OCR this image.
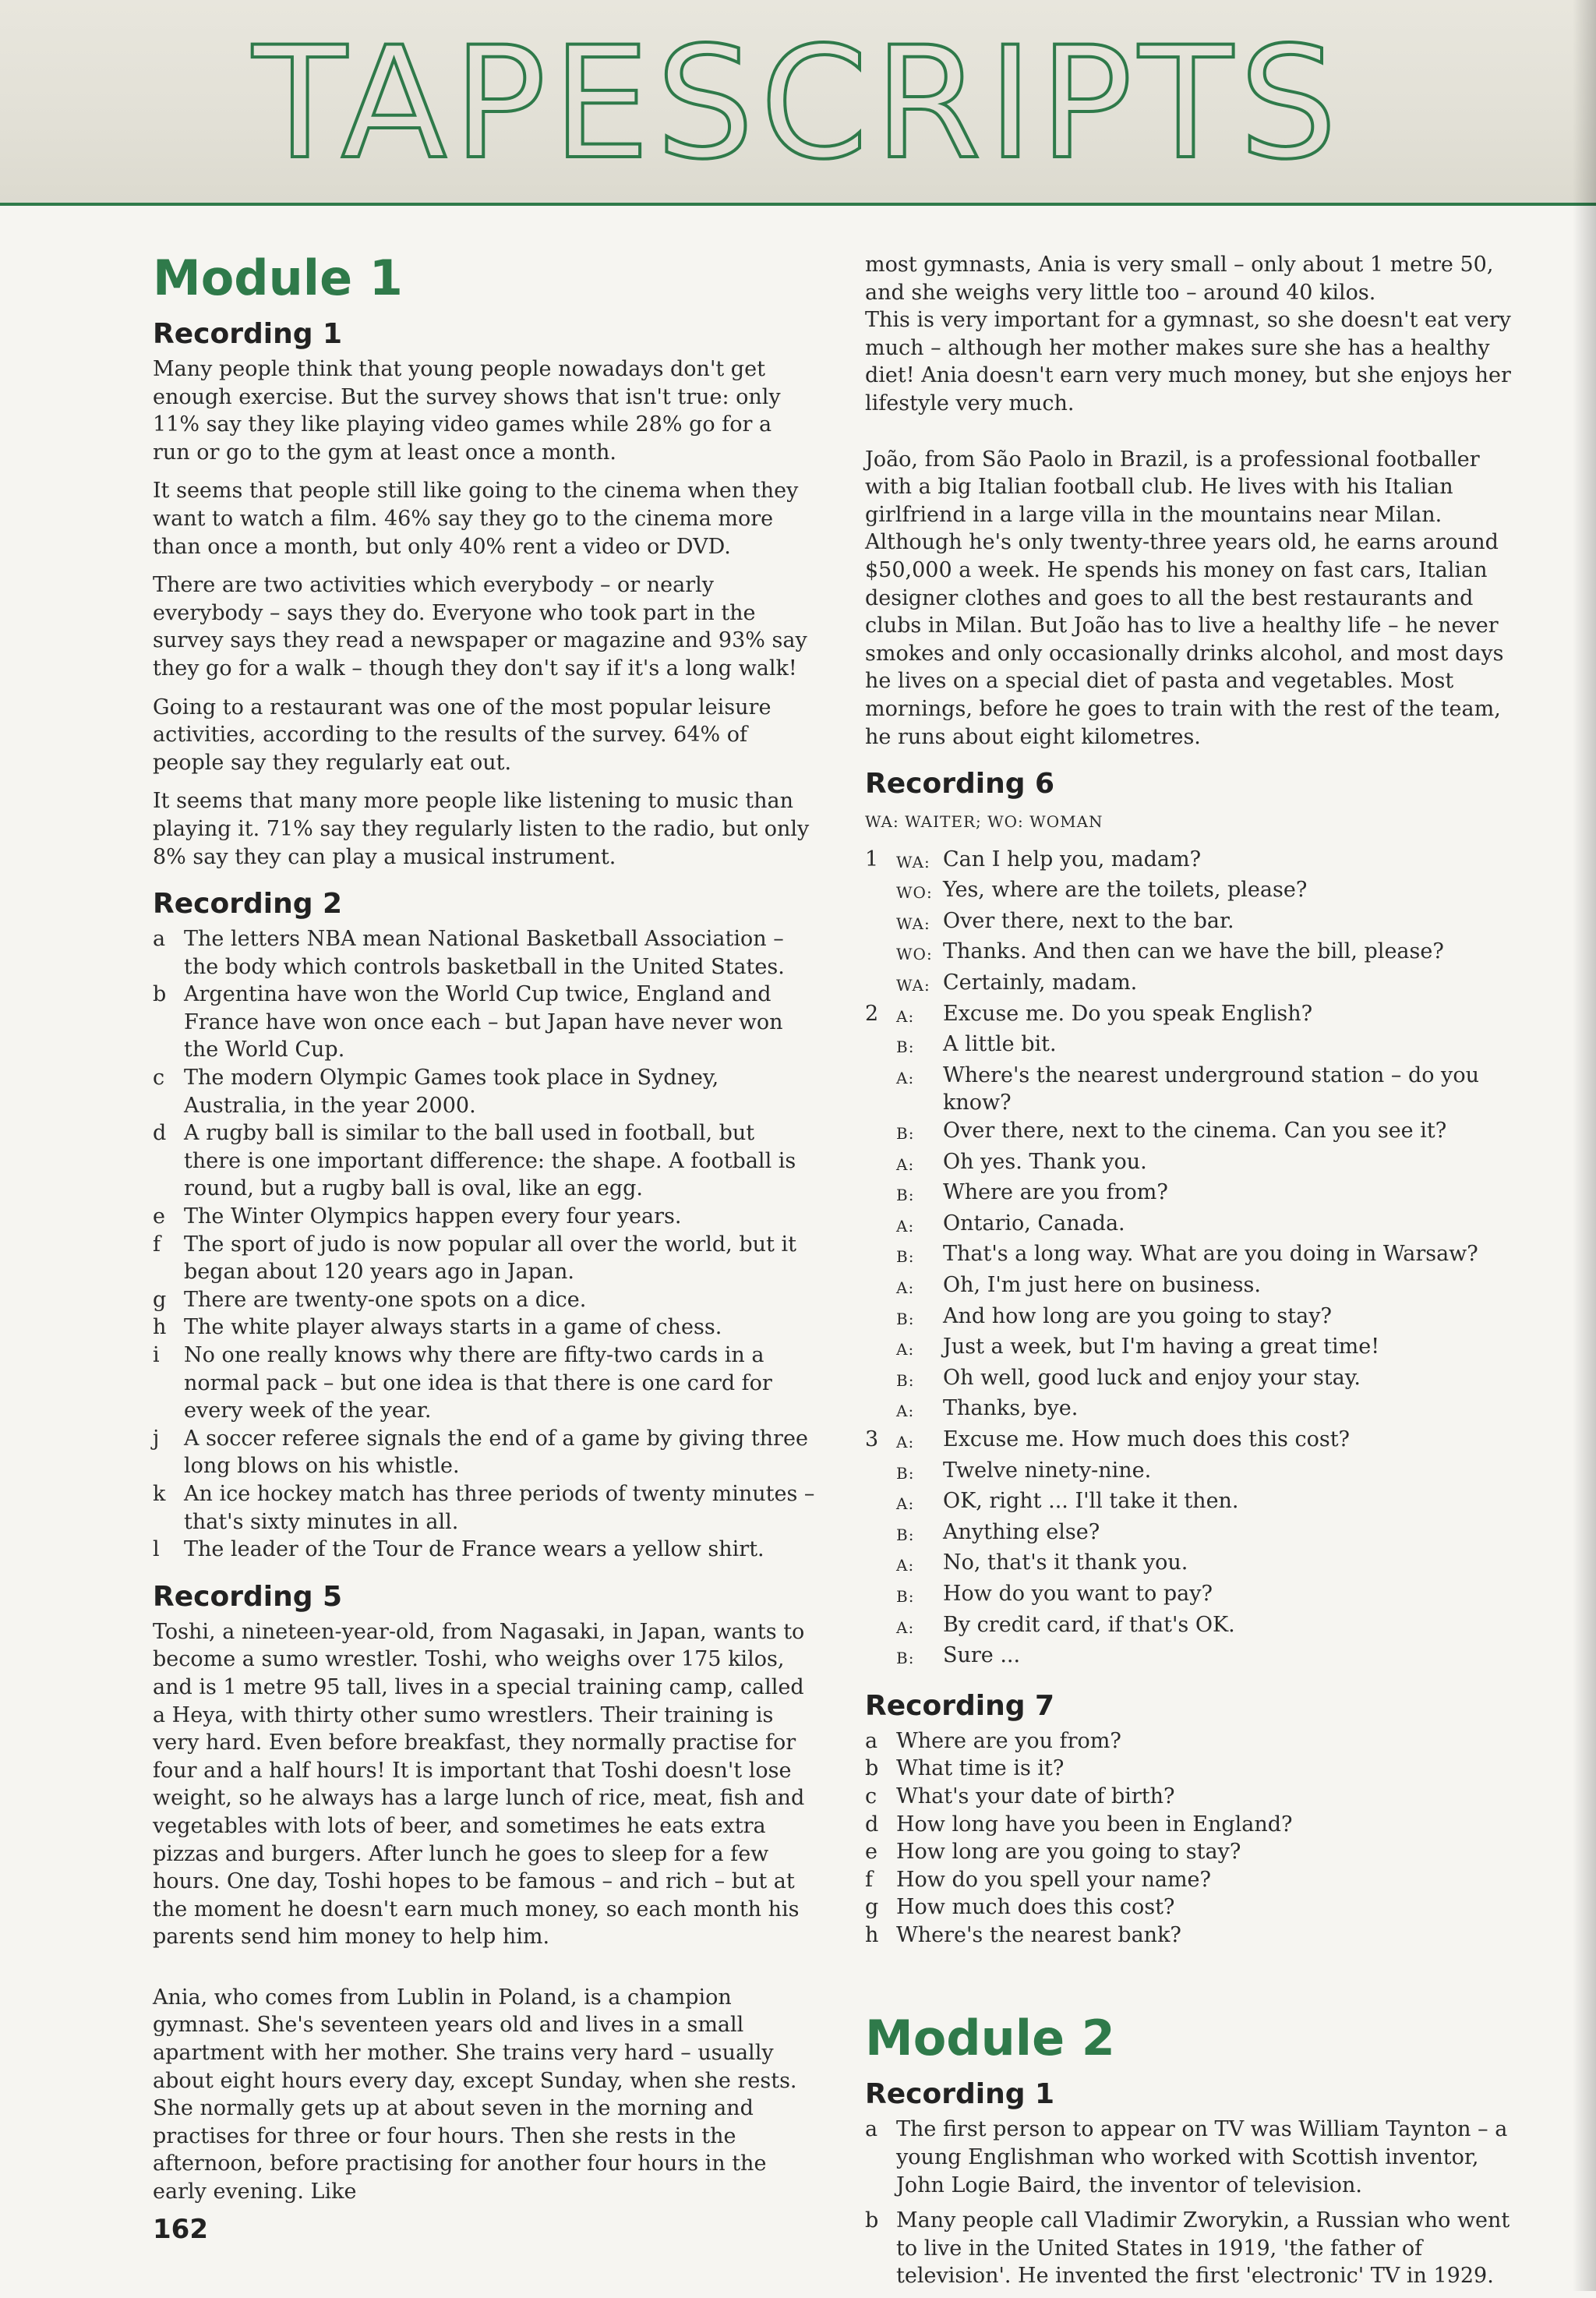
TAPESCRIPTS
Module 1
Recording 1

Many people think that young people nowadays don't get enough exercise. But the survey shows that isn't true: only 11% say they like playing video games while 28% go for a run or go to the gym at least once a month.

It seems that people still like going to the cinema when they want to watch a film. 46% say they go to the cinema more than once a month, but only 40% rent a video or DVD.

There are two activities which everybody – or nearly everybody – says they do. Everyone who took part in the survey says they read a newspaper or magazine and 93% say they go for a walk – though they don't say if it's a long walk!

Going to a restaurant was one of the most popular leisure activities, according to the results of the survey. 64% of people say they regularly eat out.

It seems that many more people like listening to music than playing it. 71% say they regularly listen to the radio, but only 8% say they can play a musical instrument.

Recording 2
a The letters NBA mean National Basketball Association – the body which controls basketball in the United States.
b Argentina have won the World Cup twice, England and France have won once each – but Japan have never won the World Cup.
c The modern Olympic Games took place in Sydney, Australia, in the year 2000.
d A rugby ball is similar to the ball used in football, but there is one important difference: the shape. A football is round, but a rugby ball is oval, like an egg.
e The Winter Olympics happen every four years.
f	The sport of judo is now popular all over the world, but it began about 120 years ago in Japan.
g There are twenty-one spots on a dice.
h The white player always starts in a game of chess.
i	No one really knows why there are fifty-two cards in a normal pack – but one idea is that there is one card for every week of the year.
j	A soccer referee signals the end of a game by giving three long blows on his whistle.
k An ice hockey match has three periods of twenty minutes – that's sixty minutes in all.
l	The leader of the Tour de France wears a yellow shirt.
Recording 5

Toshi, a nineteen-year-old, from Nagasaki, in Japan, wants to become a sumo wrestler. Toshi, who weighs over 175 kilos, and is 1 metre 95 tall, lives in a special training camp, called a Heya, with thirty other sumo wrestlers. Their training is very hard. Even before breakfast, they normally practise for four and a half hours! It is important that Toshi doesn't lose weight, so he always has a large lunch of rice, meat, fish and vegetables with lots of beer, and sometimes he eats extra pizzas and burgers. After lunch he goes to sleep for a few hours. One day, Toshi hopes to be famous – and rich – but at the moment he doesn't earn much money, so each month his parents send him money to help him.

Ania, who comes from Lublin in Poland, is a champion gymnast. She's seventeen years old and lives in a small apartment with her mother. She trains very hard – usually about eight hours every day, except Sunday, when she rests. She normally gets up at about seven in the morning and practises for three or four hours. Then she rests in the afternoon, before practising for another four hours in the early evening. Like

most gymnasts, Ania is very small – only about 1 metre 50, and she weighs very little too – around 40 kilos.

This is very important for a gymnast, so she doesn't eat very much – although her mother makes sure she has a healthy diet! Ania doesn't earn very much money, but she enjoys her lifestyle very much.

João, from São Paolo in Brazil, is a professional footballer with a big Italian football club. He lives with his Italian girlfriend in a large villa in the mountains near Milan. Although he's only twenty-three years old, he earns around $50,000 a week. He spends his money on fast cars, Italian designer clothes and goes to all the best restaurants and clubs in Milan. But João has to live a healthy life – he never smokes and only occasionally drinks alcohol, and most days he lives on a special diet of pasta and vegetables. Most mornings, before he goes to train with the rest of the team, he runs about eight kilometres.

Recording 6
WA: WAITER; WO: WOMAN
1	WA: Can I help you, madam?
WO: Yes, where are the toilets, please?
WA: Over there, next to the bar.
WO: Thanks. And then can we have the bill, please?
WA: Certainly, madam.
2	A:	Excuse me. Do you speak English?
B:	A little bit.
A:	Where's the nearest underground station – do you know?
B:	Over there, next to the cinema. Can you see it?
A:	Oh yes. Thank you.
B:	Where are you from?
A:	Ontario, Canada.
B:	That's a long way. What are you doing in Warsaw?
A:	Oh, I'm just here on business.
B:	And how long are you going to stay?
A:	Just a week, but I'm having a great time!
B:	Oh well, good luck and enjoy your stay.
A:	Thanks, bye.
3	A:	Excuse me. How much does this cost?
B:	Twelve ninety-nine.
A:	OK, right ... I'll take it then.
B:	Anything else?
A:	No, that's it thank you.
B:	How do you want to pay?
A:	By credit card, if that's OK.
B:	Sure ...
Recording 7
a Where are you from?
b What time is it?
c What's your date of birth?
d How long have you been in England?
e How long are you going to stay?
f	How do you spell your name?
g How much does this cost?
h Where's the nearest bank?
Module 2
Recording 1
a The first person to appear on TV was William Taynton – a young Englishman who worked with Scottish inventor, John Logie Baird, the inventor of television.
b Many people call Vladimir Zworykin, a Russian who went to live in the United States in 1919, 'the father of television'. He invented the first 'electronic' TV in 1929.
162
